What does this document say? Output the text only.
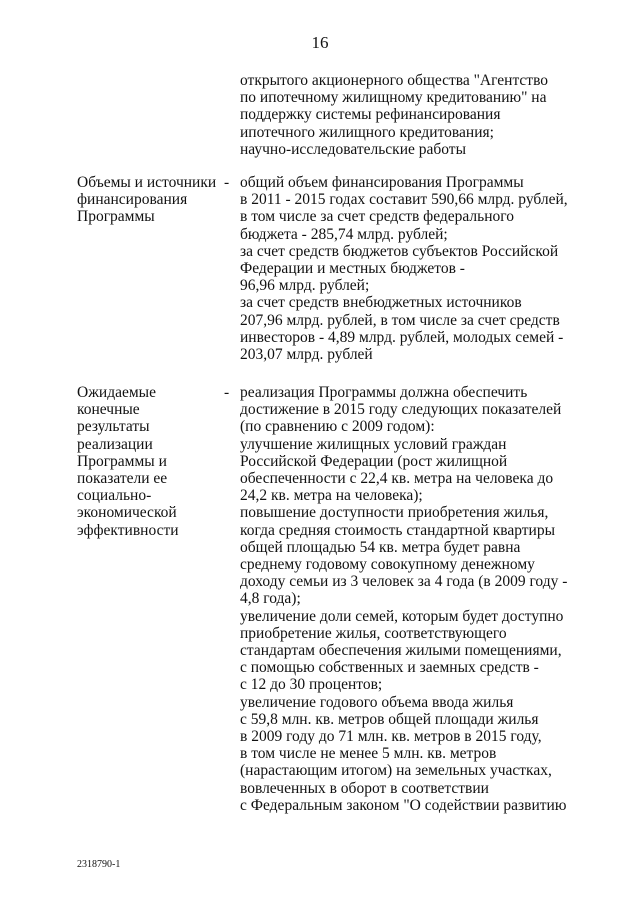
16
открытого акционерного общества "Агентство
по ипотечному жилищному кредитованию" на
поддержку системы рефинансирования
ипотечного жилищного кредитования;
научно-исследовательские работы
Объемы и источники
финансирования
Программы
- общий объем финансирования Программы
в 2011 - 2015 годах составит 590,66 млрд. рублей,
в том числе за счет средств федерального
бюджета - 285,74 млрд. рублей;
за счет средств бюджетов субъектов Российской
Федерации и местных бюджетов -
96,96 млрд. рублей;
за счет средств внебюджетных источников
207,96 млрд. рублей, в том числе за счет средств
инвесторов - 4,89 млрд. рублей, молодых семей -
203,07 млрд. рублей
Ожидаемые
конечные
результаты
реализации
Программы и
показатели ее
социально-
экономической
эффективности
- реализация Программы должна обеспечить
достижение в 2015 году следующих показателей
(по сравнению с 2009 годом):
улучшение жилищных условий граждан
Российской Федерации (рост жилищной
обеспеченности с 22,4 кв. метра на человека до
24,2 кв. метра на человека);
повышение доступности приобретения жилья,
когда средняя стоимость стандартной квартиры
общей площадью 54 кв. метра будет равна
среднему годовому совокупному денежному
доходу семьи из 3 человек за 4 года (в 2009 году -
4,8 года);
увеличение доли семей, которым будет доступно
приобретение жилья, соответствующего
стандартам обеспечения жилыми помещениями,
с помощью собственных и заемных средств -
с 12 до 30 процентов;
увеличение годового объема ввода жилья
с 59,8 млн. кв. метров общей площади жилья
в 2009 году до 71 млн. кв. метров в 2015 году,
в том числе не менее 5 млн. кв. метров
(нарастающим итогом) на земельных участках,
вовлеченных в оборот в соответствии
с Федеральным законом "О содействии развитию
2318790-1
